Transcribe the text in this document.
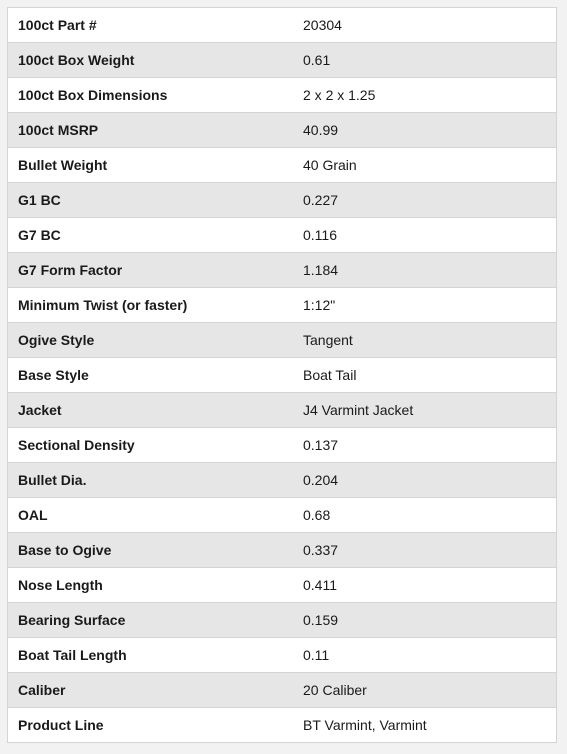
100ct Part #	20304
100ct Box Weight	0.61
100ct Box Dimensions	2 x 2 x 1.25
100ct MSRP	40.99
Bullet Weight	40 Grain
G1 BC	0.227
G7 BC	0.116
G7 Form Factor	1.184
Minimum Twist (or faster)	1:12"
Ogive Style	Tangent
Base Style	Boat Tail
Jacket	J4 Varmint Jacket
Sectional Density	0.137
Bullet Dia.	0.204
OAL	0.68
Base to Ogive	0.337
Nose Length	0.411
Bearing Surface	0.159
Boat Tail Length	0.11
Caliber	20 Caliber
Product Line	BT Varmint, Varmint
